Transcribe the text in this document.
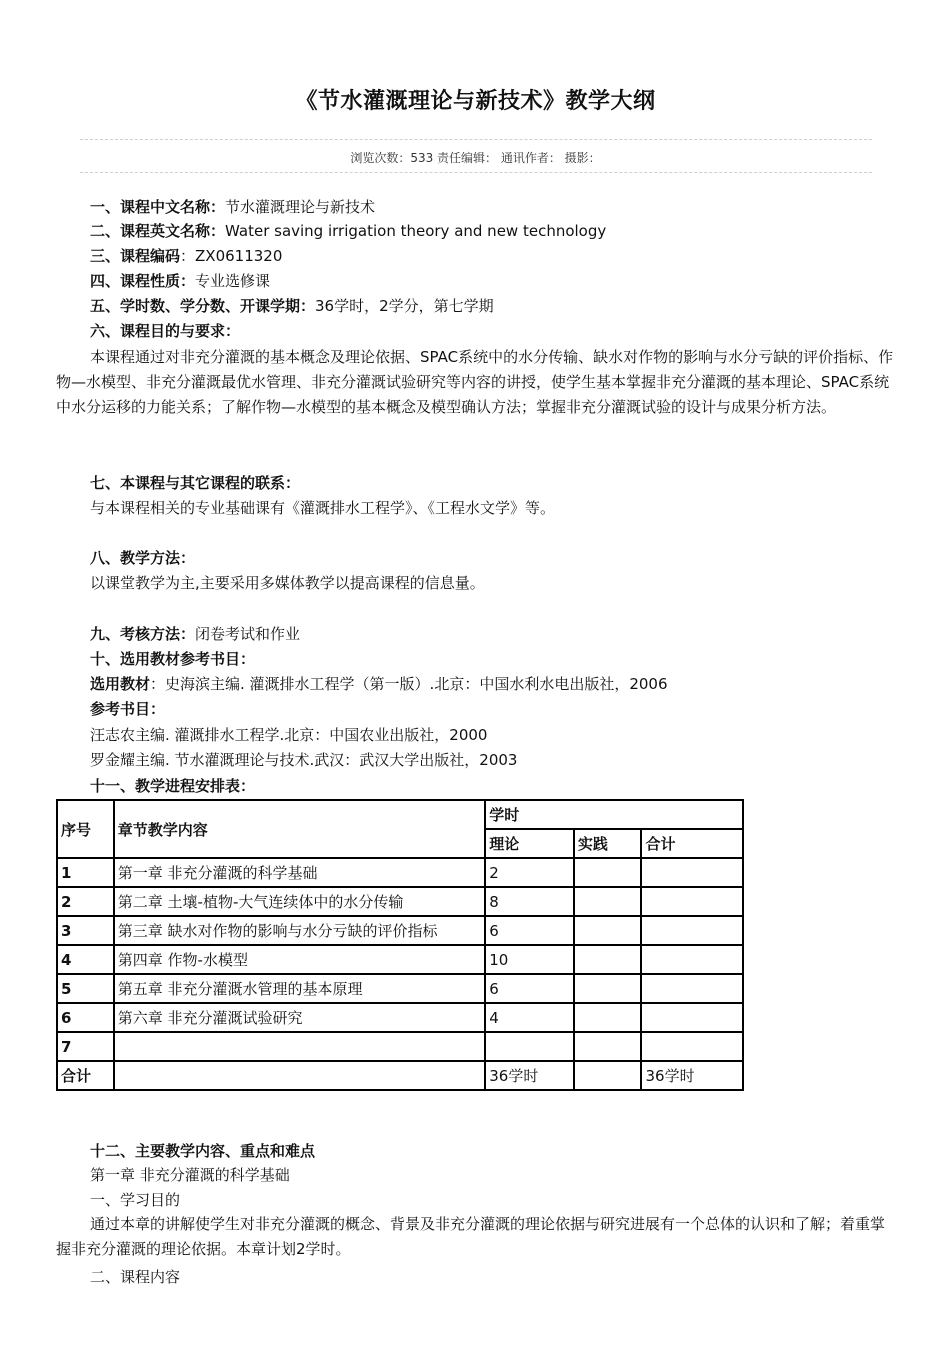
《节水灌溉理论与新技术》教学大纲
浏览次数：533 责任编辑： 通讯作者： 摄影：
一、课程中文名称：节水灌溉理论与新技术
二、课程英文名称：Water saving irrigation theory and new technology
三、课程编码：ZX0611320
四、课程性质：专业选修课
五、学时数、学分数、开课学期：36学时，2学分，第七学期
六、课程目的与要求：

本课程通过对非充分灌溉的基本概念及理论依据、SPAC系统中的水分传输、缺水对作物的影响与水分亏缺的评价指标、作物—水模型、非充分灌溉最优水管理、非充分灌溉试验研究等内容的讲授，使学生基本掌握非充分灌溉的基本理论、SPAC系统中水分运移的力能关系；了解作物—水模型的基本概念及模型确认方法；掌握非充分灌溉试验的设计与成果分析方法。

七、本课程与其它课程的联系：
与本课程相关的专业基础课有《灌溉排水工程学》、《工程水文学》等。
八、教学方法：
以课堂教学为主,主要采用多媒体教学以提高课程的信息量。
九、考核方法：闭卷考试和作业
十、选用教材参考书目：
选用教材：史海滨主编. 灌溉排水工程学（第一版）.北京：中国水利水电出版社，2006
参考书目：
汪志农主编. 灌溉排水工程学.北京：中国农业出版社，2000
罗金耀主编. 节水灌溉理论与技术.武汉：武汉大学出版社，2003
十一、教学进程安排表：
序号	章节教学内容	学时		
		理论	实践	合计
1	第一章 非充分灌溉的科学基础	2		
2	第二章 土壤-植物-大气连续体中的水分传输	8		
3	第三章 缺水对作物的影响与水分亏缺的评价指标	6		
4	第四章 作物-水模型	10		
5	第五章 非充分灌溉水管理的基本原理	6		
6	第六章 非充分灌溉试验研究	4		
7				
合计		36学时		36学时
十二、主要教学内容、重点和难点
第一章 非充分灌溉的科学基础
一、学习目的

通过本章的讲解使学生对非充分灌溉的概念、背景及非充分灌溉的理论依据与研究进展有一个总体的认识和了解；着重掌握非充分灌溉的理论依据。本章计划2学时。

二、课程内容
